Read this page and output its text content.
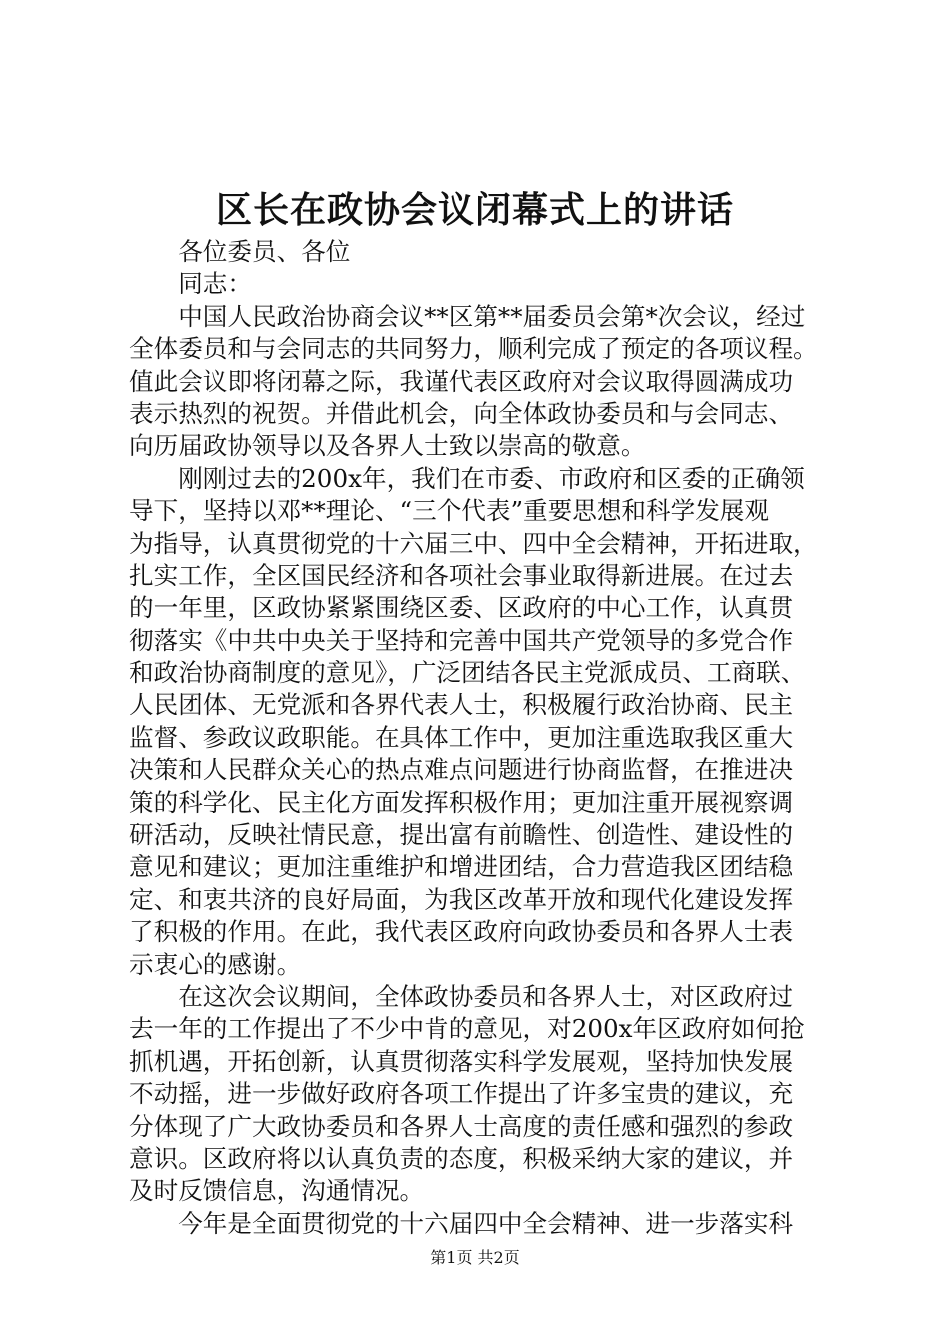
区长在政协会议闭幕式上的讲话
　　各位委员、各位
　　同志：
　　中国人民政治协商会议**区第**届委员会第*次会议，经过
全体委员和与会同志的共同努力，顺利完成了预定的各项议程。
值此会议即将闭幕之际，我谨代表区政府对会议取得圆满成功
表示热烈的祝贺。并借此机会，向全体政协委员和与会同志、
向历届政协领导以及各界人士致以崇高的敬意。
　　刚刚过去的200x年，我们在市委、市政府和区委的正确领
导下，坚持以邓**理论、“三个代表”重要思想和科学发展观
为指导，认真贯彻党的十六届三中、四中全会精神，开拓进取，
扎实工作，全区国民经济和各项社会事业取得新进展。在过去
的一年里，区政协紧紧围绕区委、区政府的中心工作，认真贯
彻落实《中共中央关于坚持和完善中国共产党领导的多党合作
和政治协商制度的意见》，广泛团结各民主党派成员、工商联、
人民团体、无党派和各界代表人士，积极履行政治协商、民主
监督、参政议政职能。在具体工作中，更加注重选取我区重大
决策和人民群众关心的热点难点问题进行协商监督，在推进决
策的科学化、民主化方面发挥积极作用；更加注重开展视察调
研活动，反映社情民意，提出富有前瞻性、创造性、建设性的
意见和建议；更加注重维护和增进团结，合力营造我区团结稳
定、和衷共济的良好局面，为我区改革开放和现代化建设发挥
了积极的作用。在此，我代表区政府向政协委员和各界人士表
示衷心的感谢。
　　在这次会议期间，全体政协委员和各界人士，对区政府过
去一年的工作提出了不少中肯的意见，对200x年区政府如何抢
抓机遇，开拓创新，认真贯彻落实科学发展观，坚持加快发展
不动摇，进一步做好政府各项工作提出了许多宝贵的建议，充
分体现了广大政协委员和各界人士高度的责任感和强烈的参政
意识。区政府将以认真负责的态度，积极采纳大家的建议，并
及时反馈信息，沟通情况。
　　今年是全面贯彻党的十六届四中全会精神、进一步落实科
第1页 共2页
